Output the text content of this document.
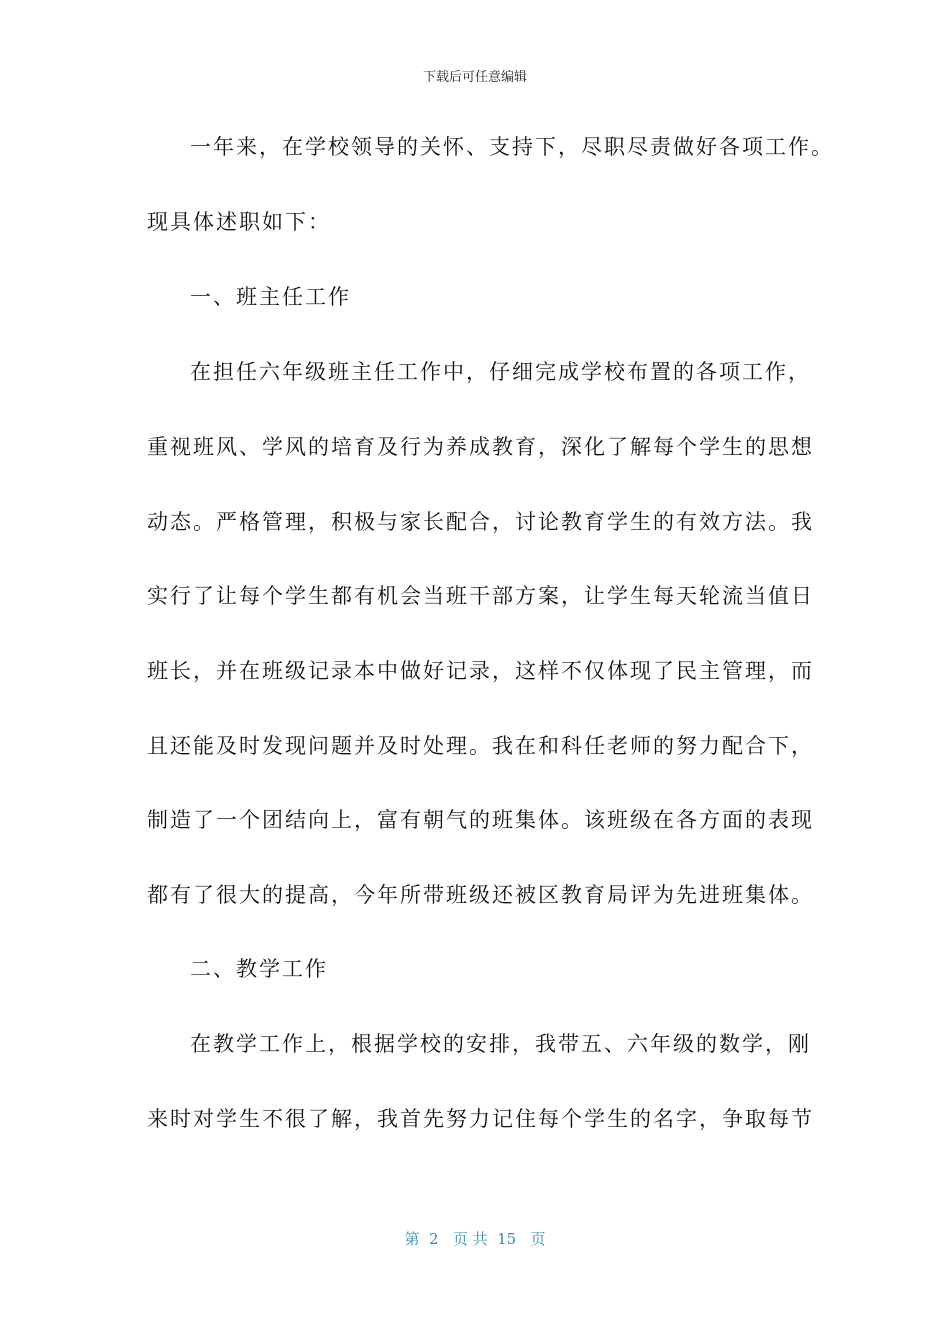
下载后可任意编辑
一年来，在学校领导的关怀、支持下，尽职尽责做好各项工作。
现具体述职如下：
一、班主任工作
在担任六年级班主任工作中，仔细完成学校布置的各项工作，
重视班风、学风的培育及行为养成教育，深化了解每个学生的思想
动态。严格管理，积极与家长配合，讨论教育学生的有效方法。我
实行了让每个学生都有机会当班干部方案，让学生每天轮流当值日
班长，并在班级记录本中做好记录，这样不仅体现了民主管理，而
且还能及时发现问题并及时处理。我在和科任老师的努力配合下，
制造了一个团结向上，富有朝气的班集体。该班级在各方面的表现
都有了很大的提高，今年所带班级还被区教育局评为先进班集体。
二、教学工作
在教学工作上，根据学校的安排，我带五、六年级的数学，刚
来时对学生不很了解，我首先努力记住每个学生的名字，争取每节
第  2   页 共  15   页
